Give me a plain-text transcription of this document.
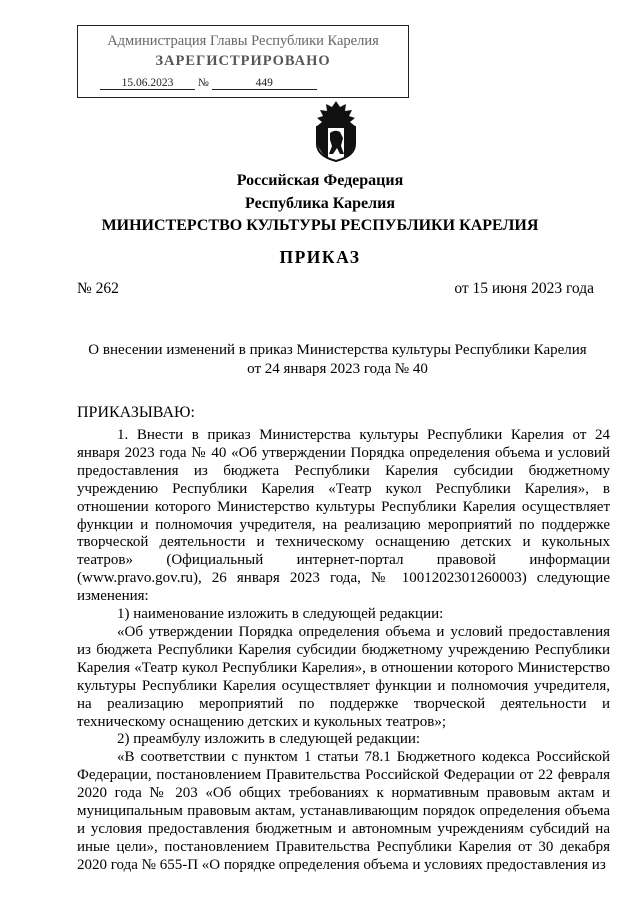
Администрация Главы Республики Карелия
ЗАРЕГИСТРИРОВАНО
15.06.2023 №	449
Российская Федерация
Республика Карелия
МИНИСТЕРСТВО КУЛЬТУРЫ РЕСПУБЛИКИ КАРЕЛИЯ
ПРИКАЗ
№ 262	от 15 июня 2023 года
О внесении изменений в приказ Министерства культуры Республики Карелия
от 24 января 2023 года № 40
ПРИКАЗЫВАЮ:

1. Внести в приказ Министерства культуры Республики Карелия от 24 января 2023 года № 40 «Об утверждении Порядка определения объема и условий предоставления из бюджета Республики Карелия субсидии бюджетному учреждению Республики Карелия «Театр кукол Республики Карелия», в отношении которого Министерство культуры Республики Карелия осуществляет функции и полномочия учредителя, на реализацию мероприятий по поддержке творческой деятельности и техническому оснащению детских и кукольных театров» (Официальный интернет-портал правовой информации (www.pravo.gov.ru), 26 января 2023 года, № 1001202301260003) следующие изменения:

1) наименование изложить в следующей редакции:

«Об утверждении Порядка определения объема и условий предоставления из бюджета Республики Карелия субсидии бюджетному учреждению Республики Карелия «Театр кукол Республики Карелия», в отношении которого Министерство культуры Республики Карелия осуществляет функции и полномочия учредителя, на реализацию мероприятий по поддержке творческой деятельности и техническому оснащению детских и кукольных театров»;

2) преамбулу изложить в следующей редакции:

«В соответствии с пунктом 1 статьи 78.1 Бюджетного кодекса Российской Федерации, постановлением Правительства Российской Федерации от 22 февраля 2020 года № 203 «Об общих требованиях к нормативным правовым актам и муниципальным правовым актам, устанавливающим порядок определения объема и условия предоставления бюджетным и автономным учреждениям субсидий на иные цели», постановлением Правительства Республики Карелия от 30 декабря 2020 года № 655-П «О порядке определения объема и условиях предоставления из
